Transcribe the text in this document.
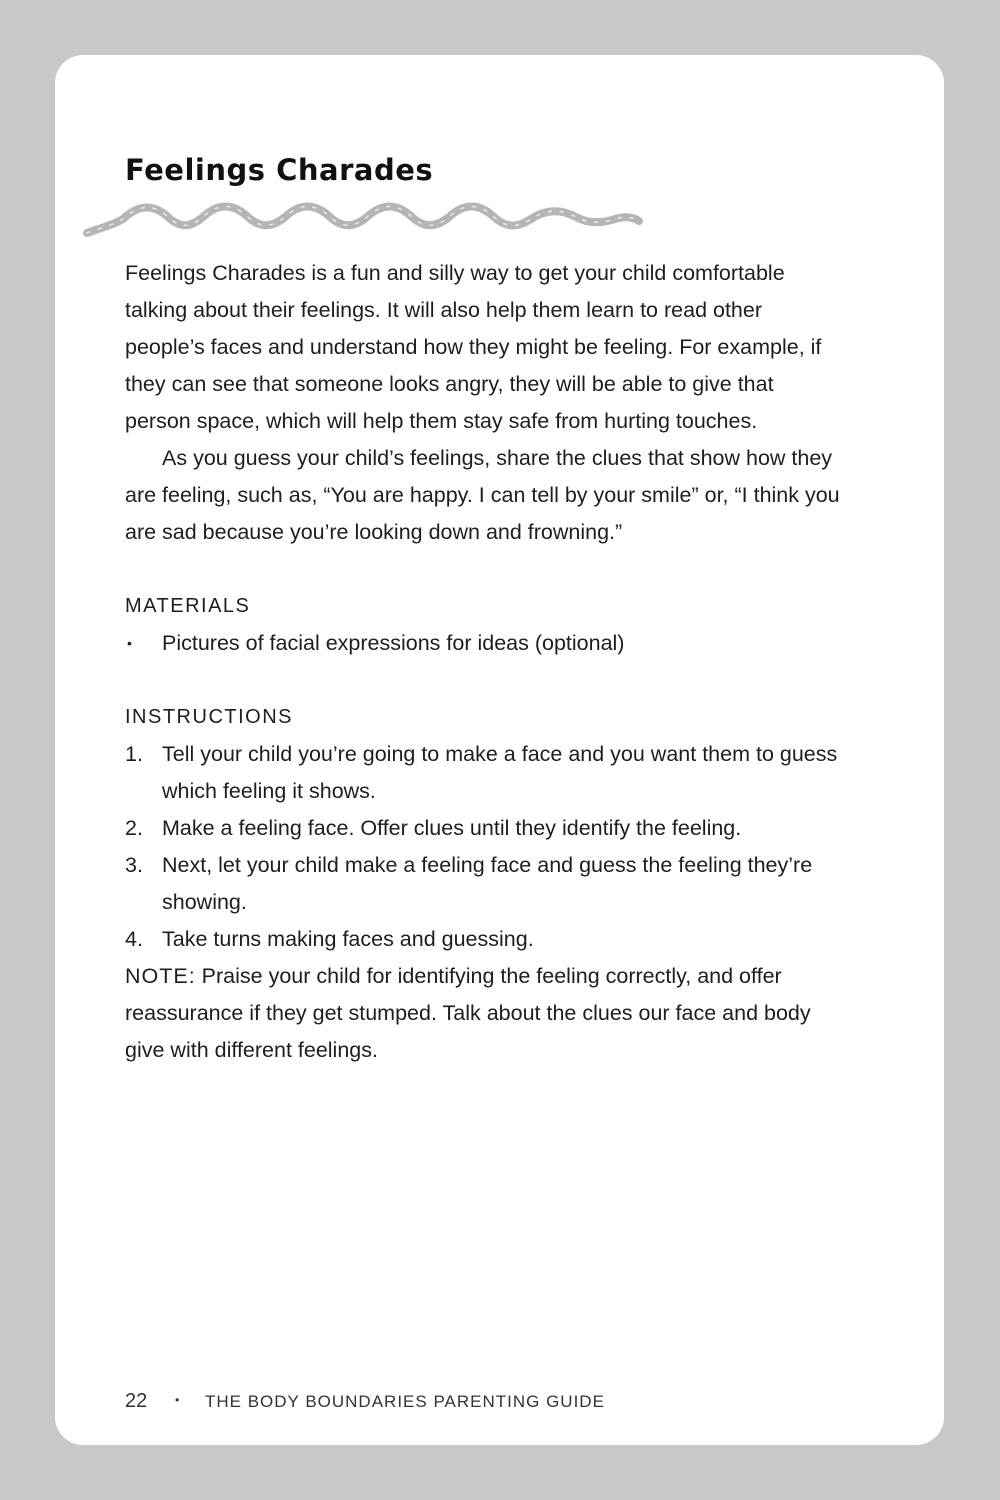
Feelings Charades

Feelings Charades is a fun and silly way to get your child comfortable talking about their feelings. It will also help them learn to read other people’s faces and understand how they might be feeling. For example, if they can see that someone looks angry, they will be able to give that person space, which will help them stay safe from hurting touches.

As you guess your child’s feelings, share the clues that show how they are feeling, such as, “You are happy. I can tell by your smile” or, “I think you are sad because you’re looking down and frowning.”

MATERIALS
• Pictures of facial expressions for ideas (optional)
INSTRUCTIONS
1. Tell your child you’re going to make a face and you want them to guess which feeling it shows.
2. Make a feeling face. Offer clues until they identify the feeling.
3. Next, let your child make a feeling face and guess the feeling they’re showing.
4. Take turns making faces and guessing.

NOTE: Praise your child for identifying the feeling correctly, and offer reassurance if they get stumped. Talk about the clues our face and body give with different feelings.

22 • THE BODY BOUNDARIES PARENTING GUIDE
